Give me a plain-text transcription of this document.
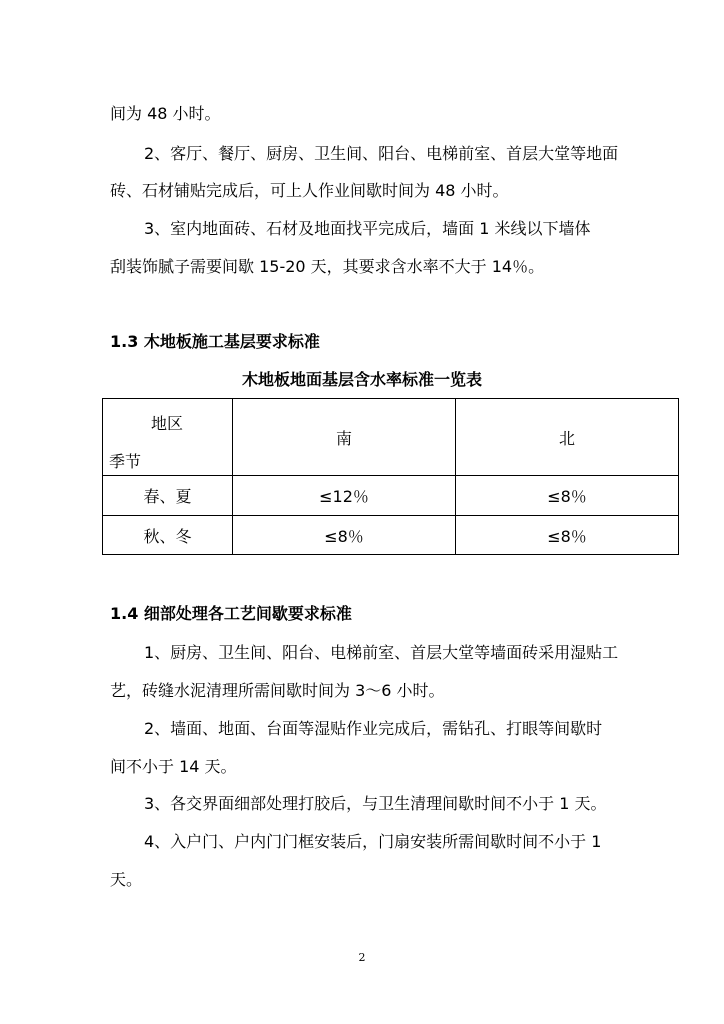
间为 48 小时。
2、客厅、餐厅、厨房、卫生间、阳台、电梯前室、首层大堂等地面
砖、石材铺贴完成后，可上人作业间歇时间为 48 小时。
3、室内地面砖、石材及地面找平完成后，墙面 1 米线以下墙体
刮装饰腻子需要间歇 15-20 天，其要求含水率不大于 14％。
1.3 木地板施工基层要求标准
木地板地面基层含水率标准一览表
地区
季节	南	北
春、夏	≤12％	≤8％
秋、冬	≤8％	≤8％
1.4 细部处理各工艺间歇要求标准
1、厨房、卫生间、阳台、电梯前室、首层大堂等墙面砖采用湿贴工
艺，砖缝水泥清理所需间歇时间为 3～6 小时。
2、墙面、地面、台面等湿贴作业完成后，需钻孔、打眼等间歇时
间不小于 14 天。
3、各交界面细部处理打胶后，与卫生清理间歇时间不小于 1 天。
4、入户门、户内门门框安装后，门扇安装所需间歇时间不小于 1
天。
2
